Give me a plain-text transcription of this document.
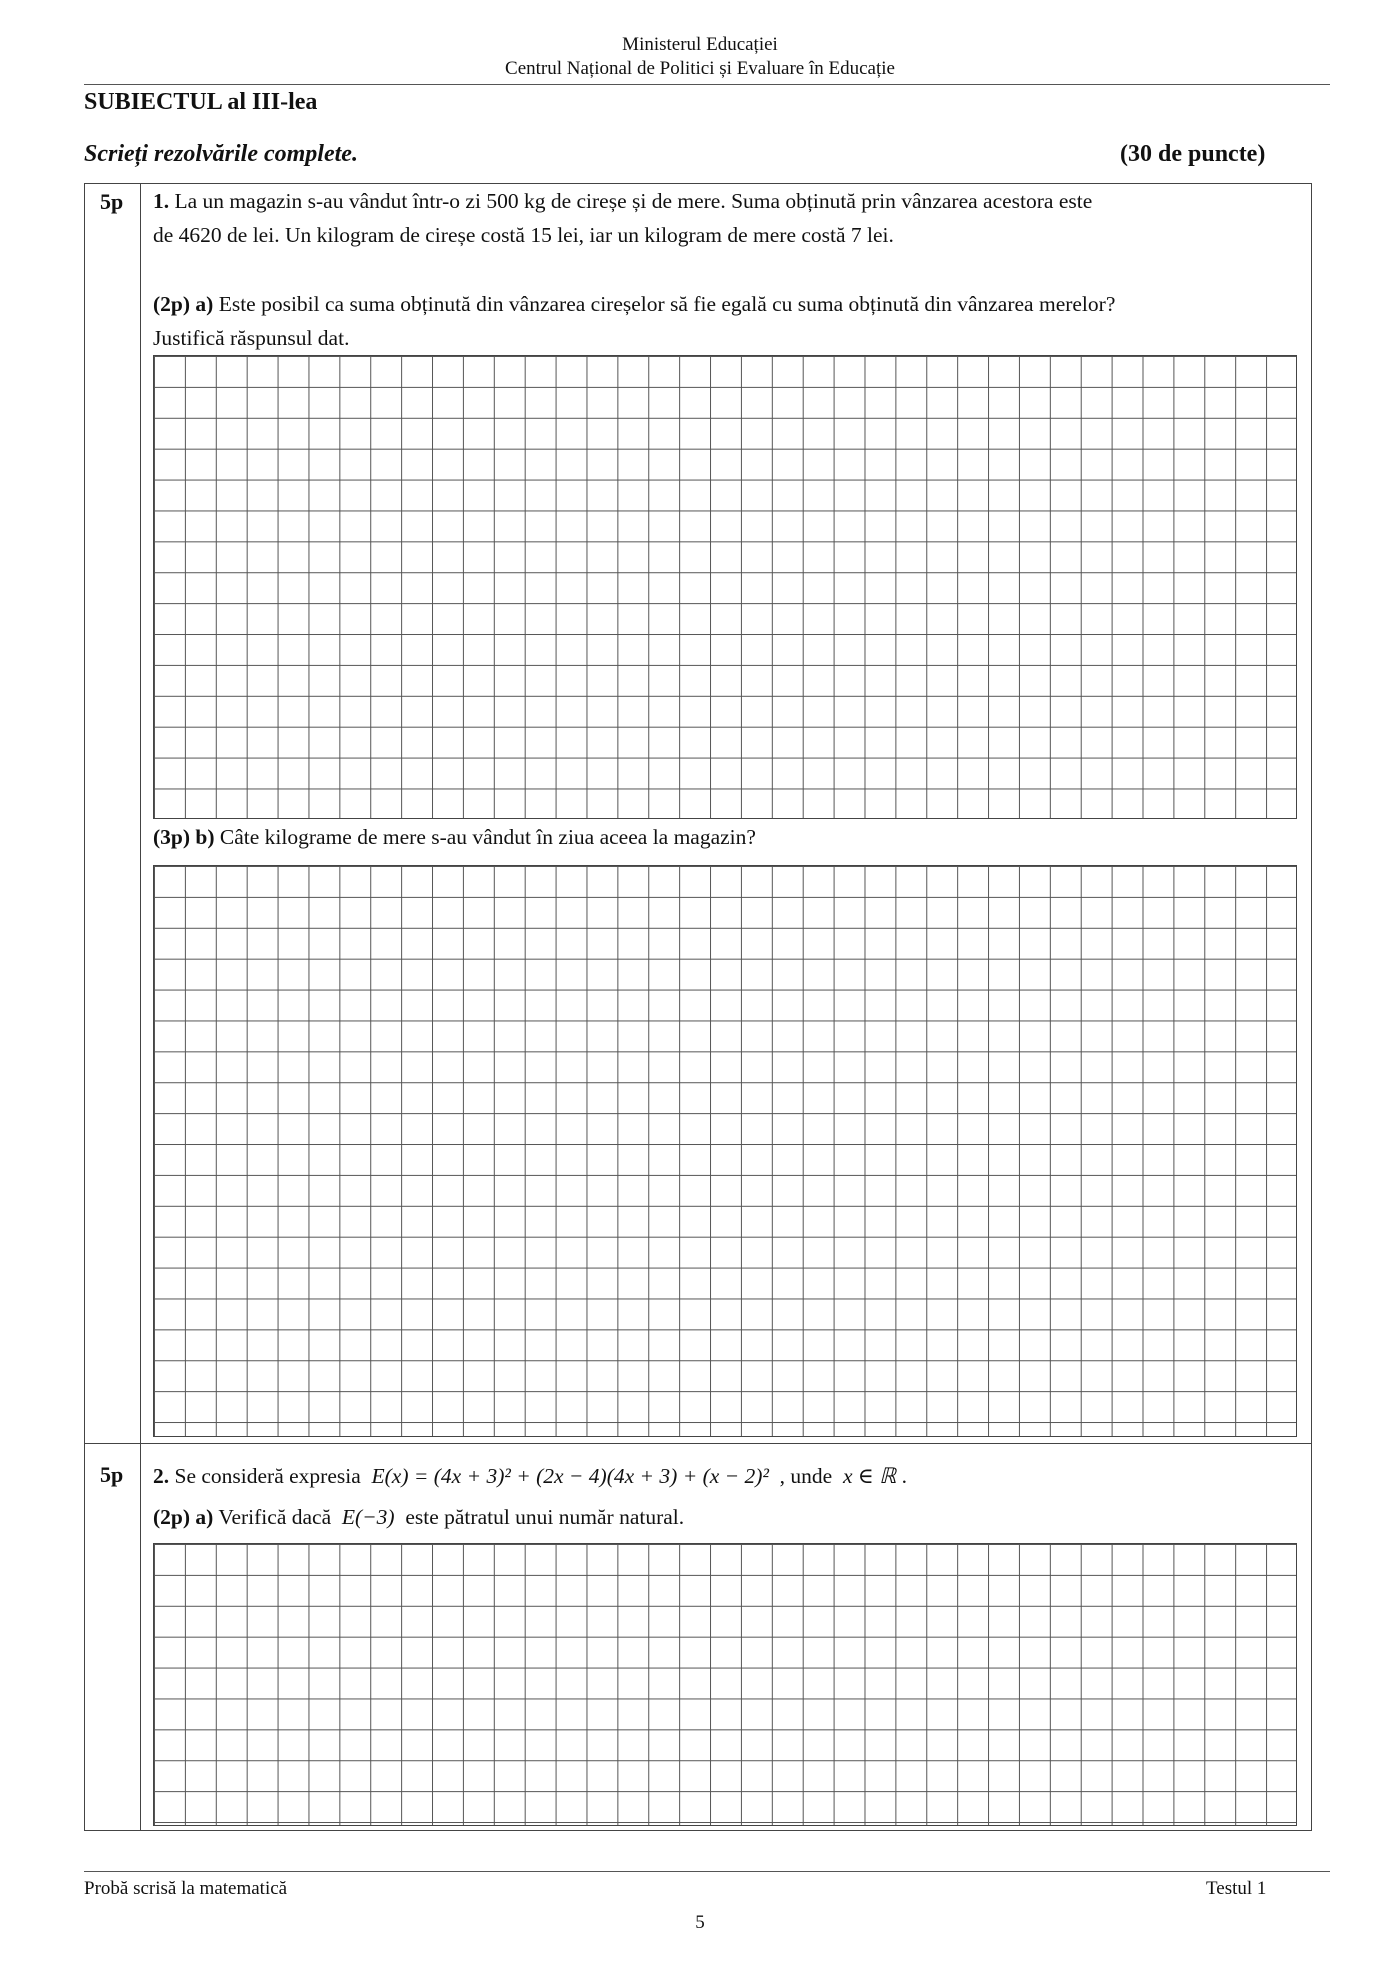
Ministerul Educației
Centrul Național de Politici și Evaluare în Educație
SUBIECTUL al III-lea
Scrieți rezolvările complete.	(30 de puncte)
5p 1. La un magazin s-au vândut într-o zi 500 kg de cireșe și de mere. Suma obținută prin vânzarea acestora este
de 4620 de lei. Un kilogram de cireșe costă 15 lei, iar un kilogram de mere costă 7 lei.
(2p) a) Este posibil ca suma obținută din vânzarea cireșelor să fie egală cu suma obținută din vânzarea merelor?
Justifică răspunsul dat.
(3p) b) Câte kilograme de mere s-au vândut în ziua aceea la magazin?
5p 2. Se consideră expresia E(x) = (4x + 3)² + (2x − 4)(4x + 3) + (x − 2)² , unde x ∈ ℝ .
(2p) a) Verifică dacă E(−3) este pătratul unui număr natural.
Probă scrisă la matematică	Testul 1
5
